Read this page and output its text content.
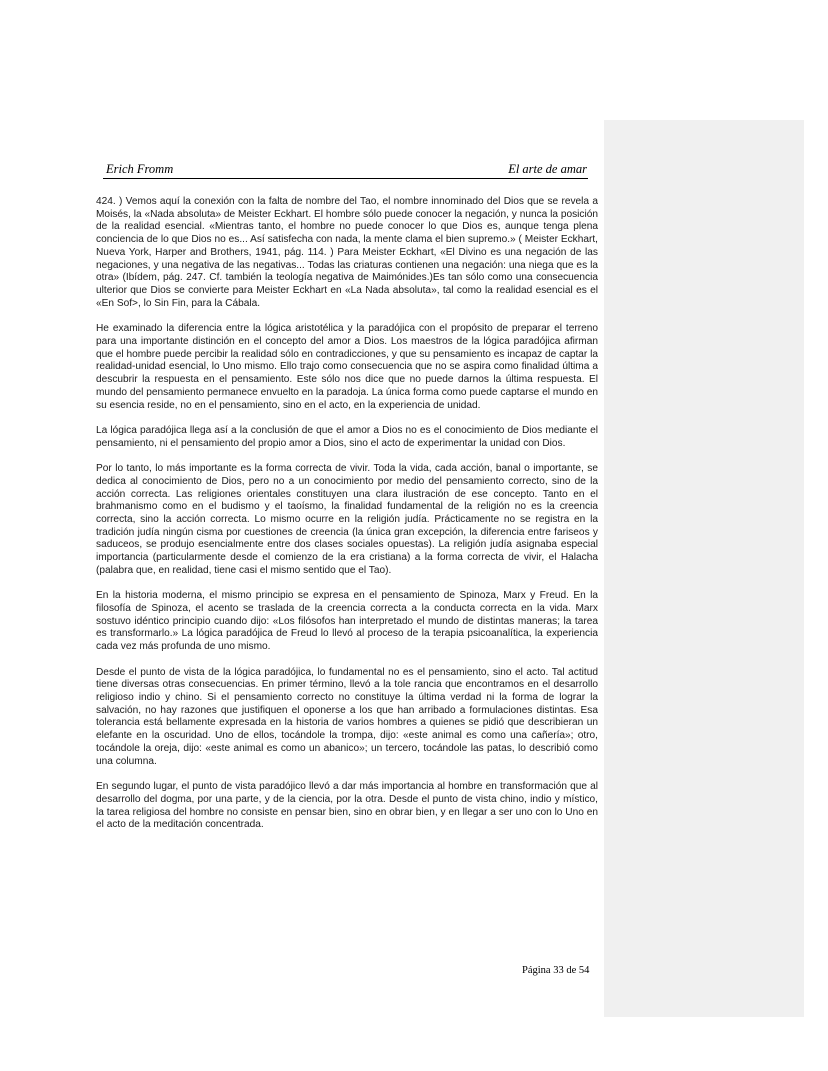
Erich Fromm	El arte de amar

424. ) Vemos aquí la conexión con la falta de nombre del Tao, el nombre innominado del Dios que se revela a Moisés, la «Nada absoluta» de Meister Eckhart. El hombre sólo puede conocer la negación, y nunca la posición de la realidad esencial. «Mientras tanto, el hombre no puede conocer lo que Dios es, aunque tenga plena conciencia de lo que Dios no es... Así satisfecha con nada, la mente clama el bien supremo.» ( Meister Eckhart, Nueva York, Harper and Brothers, 1941, pág. 114. ) Para Meister Eckhart, «El Divino es una negación de las negaciones, y una negativa de las negativas... Todas las criaturas contienen una negación: una niega que es la otra» (Ibídem, pág. 247. Cf. también la teología negativa de Maimónides.)Es tan sólo como una consecuencia ulterior que Dios se convierte para Meister Eckhart en «La Nada absoluta», tal como la realidad esencial es el «En Sof>, lo Sin Fin, para la Cábala.

He examinado la diferencia entre la lógica aristotélica y la paradójica con el propósito de preparar el terreno para una importante distinción en el concepto del amor a Dios. Los maestros de la lógica paradójica afirman que el hombre puede percibir la realidad sólo en contradicciones, y que su pensamiento es incapaz de captar la realidad-unidad esencial, lo Uno mismo. Ello trajo como consecuencia que no se aspira como finalidad última a descubrir la respuesta en el pensamiento. Este sólo nos dice que no puede darnos la última respuesta. El mundo del pensamiento permanece envuelto en la paradoja. La única forma como puede captarse el mundo en su esencia reside, no en el pensamiento, sino en el acto, en la experiencia de unidad.

La lógica paradójica llega así a la conclusión de que el amor a Dios no es el conocimiento de Dios mediante el pensamiento, ni el pensamiento del propio amor a Dios, sino el acto de experimentar la unidad con Dios.

Por lo tanto, lo más importante es la forma correcta de vivir. Toda la vida, cada acción, banal o importante, se dedica al conocimiento de Dios, pero no a un conocimiento por medio del pensamiento correcto, sino de la acción correcta. Las religiones orientales constituyen una clara ilustración de ese concepto. Tanto en el brahmanismo como en el budismo y el taoísmo, la finalidad fundamental de la religión no es la creencia correcta, sino la acción correcta. Lo mismo ocurre en la religión judía. Prácticamente no se registra en la tradición judía ningún cisma por cuestiones de creencia (la única gran excepción, la diferencia entre fariseos y saduceos, se produjo esencialmente entre dos clases sociales opuestas). La religión judía asignaba especial importancia (particularmente desde el comienzo de la era cristiana) a la forma correcta de vivir, el Halacha (palabra que, en realidad, tiene casi el mismo sentido que el Tao).

En la historia moderna, el mismo principio se expresa en el pensamiento de Spinoza, Marx y Freud. En la filosofía de Spinoza, el acento se traslada de la creencia correcta a la conducta correcta en la vida. Marx sostuvo idéntico principio cuando dijo: «Los filósofos han interpretado el mundo de distintas maneras; la tarea es transformarlo.» La lógica paradójica de Freud lo llevó al proceso de la terapia psicoanalítica, la experiencia cada vez más profunda de uno mismo.

Desde el punto de vista de la lógica paradójica, lo fundamental no es el pensamiento, sino el acto. Tal actitud tiene diversas otras consecuencias. En primer término, llevó a la tole rancia que encontramos en el desarrollo religioso indio y chino. Si el pensamiento correcto no constituye la última verdad ni la forma de lograr la salvación, no hay razones que justifiquen el oponerse a los que han arribado a formulaciones distintas. Esa tolerancia está bellamente expresada en la historia de varios hombres a quienes se pidió que describieran un elefante en la oscuridad. Uno de ellos, tocándole la trompa, dijo: «este animal es como una cañería»; otro, tocándole la oreja, dijo: «este animal es como un abanico»; un tercero, tocándole las patas, lo describió como una columna.

En segundo lugar, el punto de vista paradójico llevó a dar más importancia al hombre en transformación que al desarrollo del dogma, por una parte, y de la ciencia, por la otra. Desde el punto de vista chino, indio y místico, la tarea religiosa del hombre no consiste en pensar bien, sino en obrar bien, y en llegar a ser uno con lo Uno en el acto de la meditación concentrada.

Página 33 de 54
